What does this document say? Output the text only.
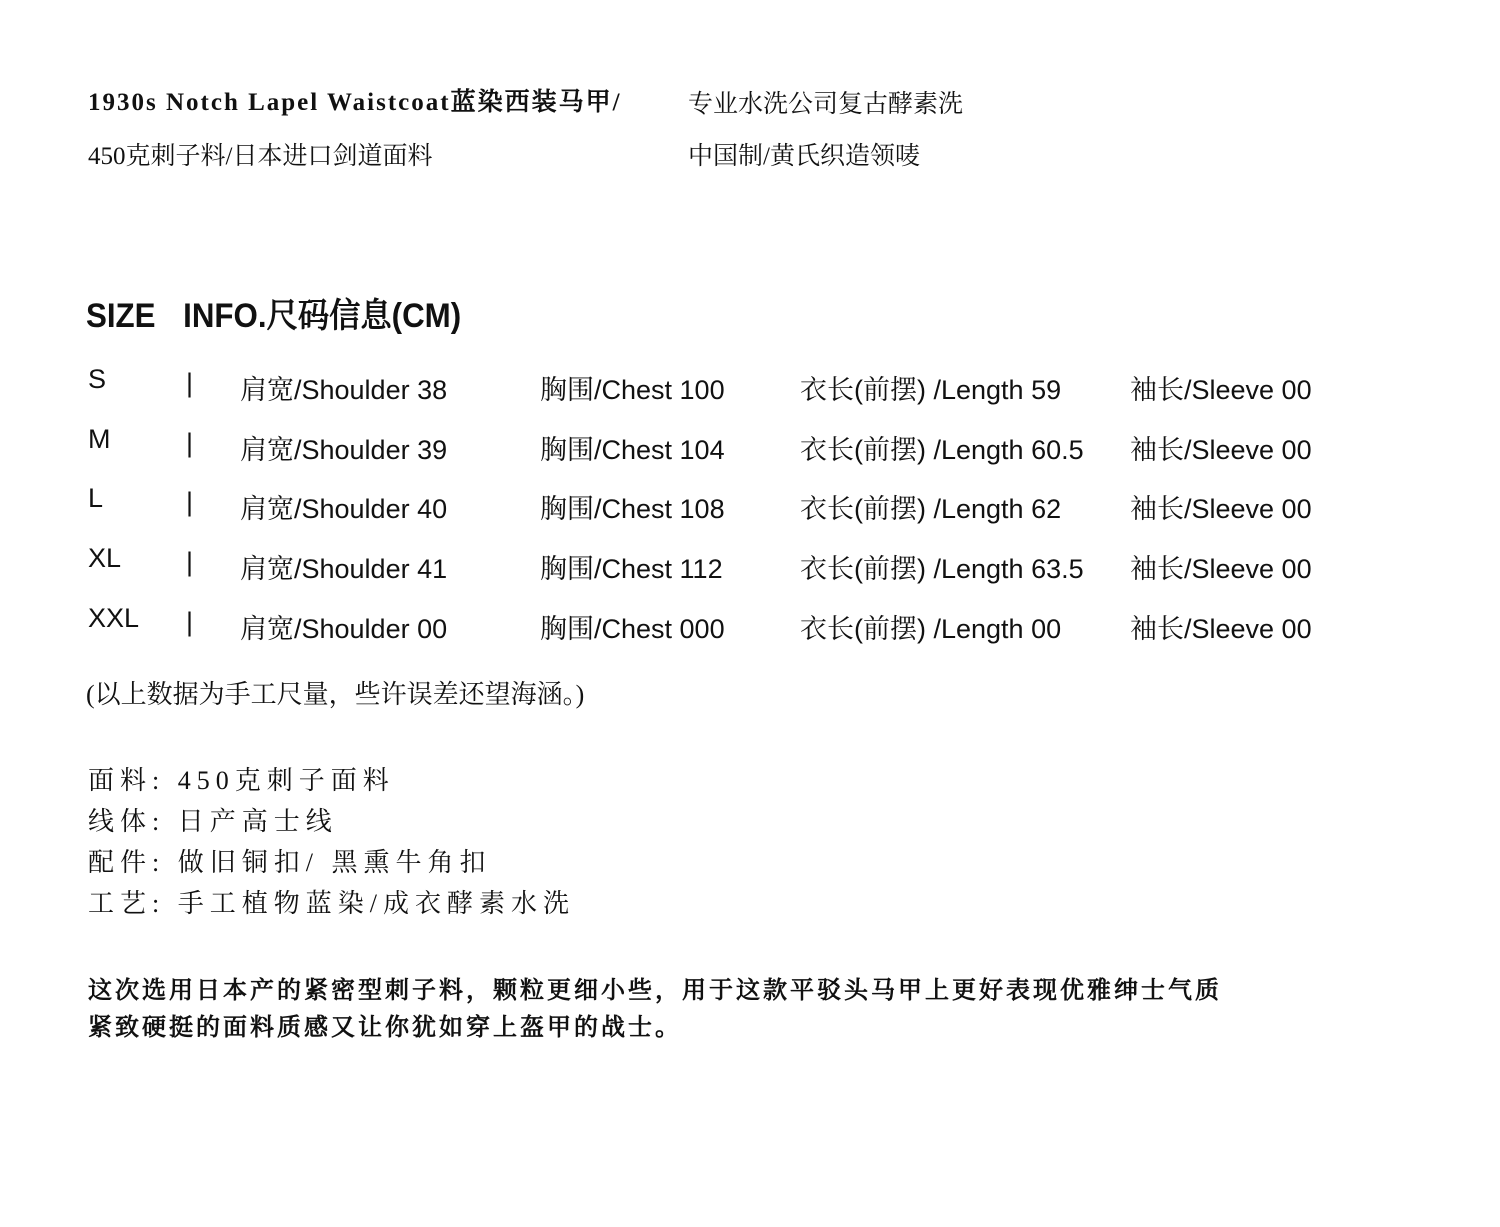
1930s Notch Lapel Waistcoat蓝染西装马甲/	专业水洗公司复古酵素洗
450克刺子料/日本进口剑道面料	中国制/黄氏织造领唛
SIZE INFO.尺码信息(CM)
S	| 肩宽/Shoulder 38	胸围/Chest 100	衣长(前摆) /Length 59	袖长/Sleeve 00
M	| 肩宽/Shoulder 39	胸围/Chest 104	衣长(前摆) /Length 60.5 袖长/Sleeve 00
L	| 肩宽/Shoulder 40	胸围/Chest 108	衣长(前摆) /Length 62	袖长/Sleeve 00
XL | 肩宽/Shoulder 41	胸围/Chest 112	衣长(前摆) /Length 63.5 袖长/Sleeve 00
XXL | 肩宽/Shoulder 00	胸围/Chest 000	衣长(前摆) /Length 00	袖长/Sleeve 00
(以上数据为手工尺量，些许误差还望海涵。)
面料: 450克刺子面料
线体: 日产高士线
配件: 做旧铜扣/ 黑熏牛角扣
工艺: 手工植物蓝染/成衣酵素水洗
这次选用日本产的紧密型刺子料，颗粒更细小些，用于这款平驳头马甲上更好表现优雅绅士气质
紧致硬挺的面料质感又让你犹如穿上盔甲的战士。
